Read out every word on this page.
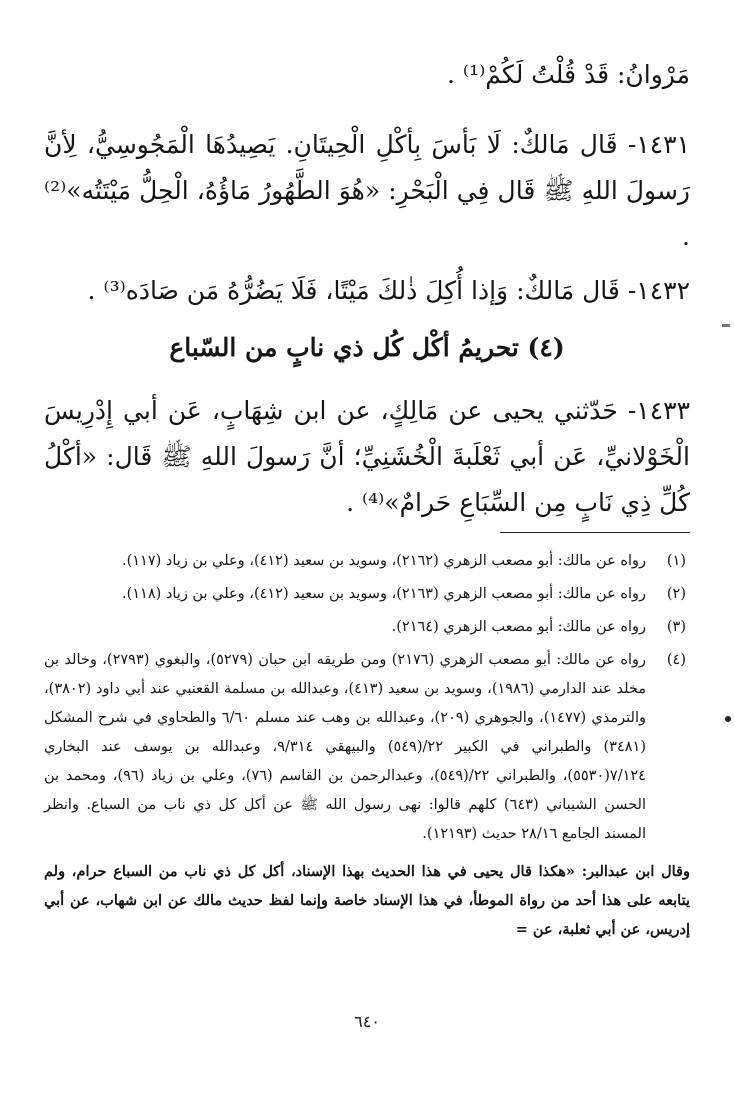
مَرْوانُ: قَدْ قُلْتُ لَكُمْ⁽¹⁾ .

١٤٣١- قَال مَالكٌ: لَا بَأسَ بِأكْلِ الْحِيتَانِ. يَصِيدُهَا الْمَجُوسِيُّ، لِأنَّ رَسولَ اللهِ ﷺ قَال فِي الْبَحْرِ: «هُوَ الطَّهُورُ مَاؤُهُ، الْحِلُّ مَيْتَتُه»⁽²⁾ .

١٤٣٢- قَال مَالكٌ: وَإذا أُكِلَ ذٰلكَ مَيْتًا، فَلَا يَضُرُّهُ مَن صَادَه⁽³⁾ .

(٤) تحريمُ أكْل كُل ذي نابٍ من السّباع

١٤٣٣- حَدّثني يحيى عن مَالِكٍ، عن ابن شِهَابٍ، عَن أبي إِدْرِيسَ الْخَوْلانيِّ، عَن أبي ثَعْلَبةَ الْخُشَنِيِّ؛ أنَّ رَسولَ اللهِ ﷺ قَال: «أكْلُ كُلِّ ذِي نَابٍ مِن السِّبَاعِ حَرامٌ»⁽⁴⁾ .

(١)
رواه عن مالك: أبو مصعب الزهري (٢١٦٢)، وسويد بن سعيد (٤١٢)، وعلي بن زياد (١١٧).
(٢)
رواه عن مالك: أبو مصعب الزهري (٢١٦٣)، وسويد بن سعيد (٤١٢)، وعلي بن زياد (١١٨).
(٣)
رواه عن مالك: أبو مصعب الزهري (٢١٦٤).
(٤)
رواه عن مالك: أبو مصعب الزهري (٢١٧٦) ومن طريقه ابن حبان (٥٢٧٩)، والبغوي (٢٧٩٣)، وخالد بن مخلد عند الدارمي (١٩٨٦)، وسويد بن سعيد (٤١٣)، وعبدالله بن مسلمة القعنبي عند أبي داود (٣٨٠٢)، والترمذي (١٤٧٧)، والجوهري (٢٠٩)، وعبدالله بن وهب عند مسلم ٦/٦٠ والطحاوي في شرح المشكل (٣٤٨١) والطبراني في الكبير ٢٢/(٥٤٩) والبيهقي ٩/٣١٤، وعبدالله بن يوسف عند البخاري ٧/١٢٤(٥٥٣٠)، والطبراني ٢٢/(٥٤٩)، وعبدالرحمن بن القاسم (٧٦)، وعلي بن زياد (٩٦)، ومحمد بن الحسن الشيباني (٦٤٣) كلهم قالوا: نهى رسول الله ﷺ عن أكل كل ذي ناب من السباع. وانظر المسند الجامع ٢٨/١٦ حديث (١٢١٩٣).
وقال ابن عبدالبر: «هكذا قال يحيى في هذا الحديث بهذا الإسناد، أكل كل ذي ناب من السباع حرام، ولم يتابعه على هذا أحد من رواة الموطأ، في هذا الإسناد خاصة وإنما لفظ حديث مالك عن ابن شهاب، عن أبي إدريس، عن أبي ثعلبة، عن =
٦٤٠
